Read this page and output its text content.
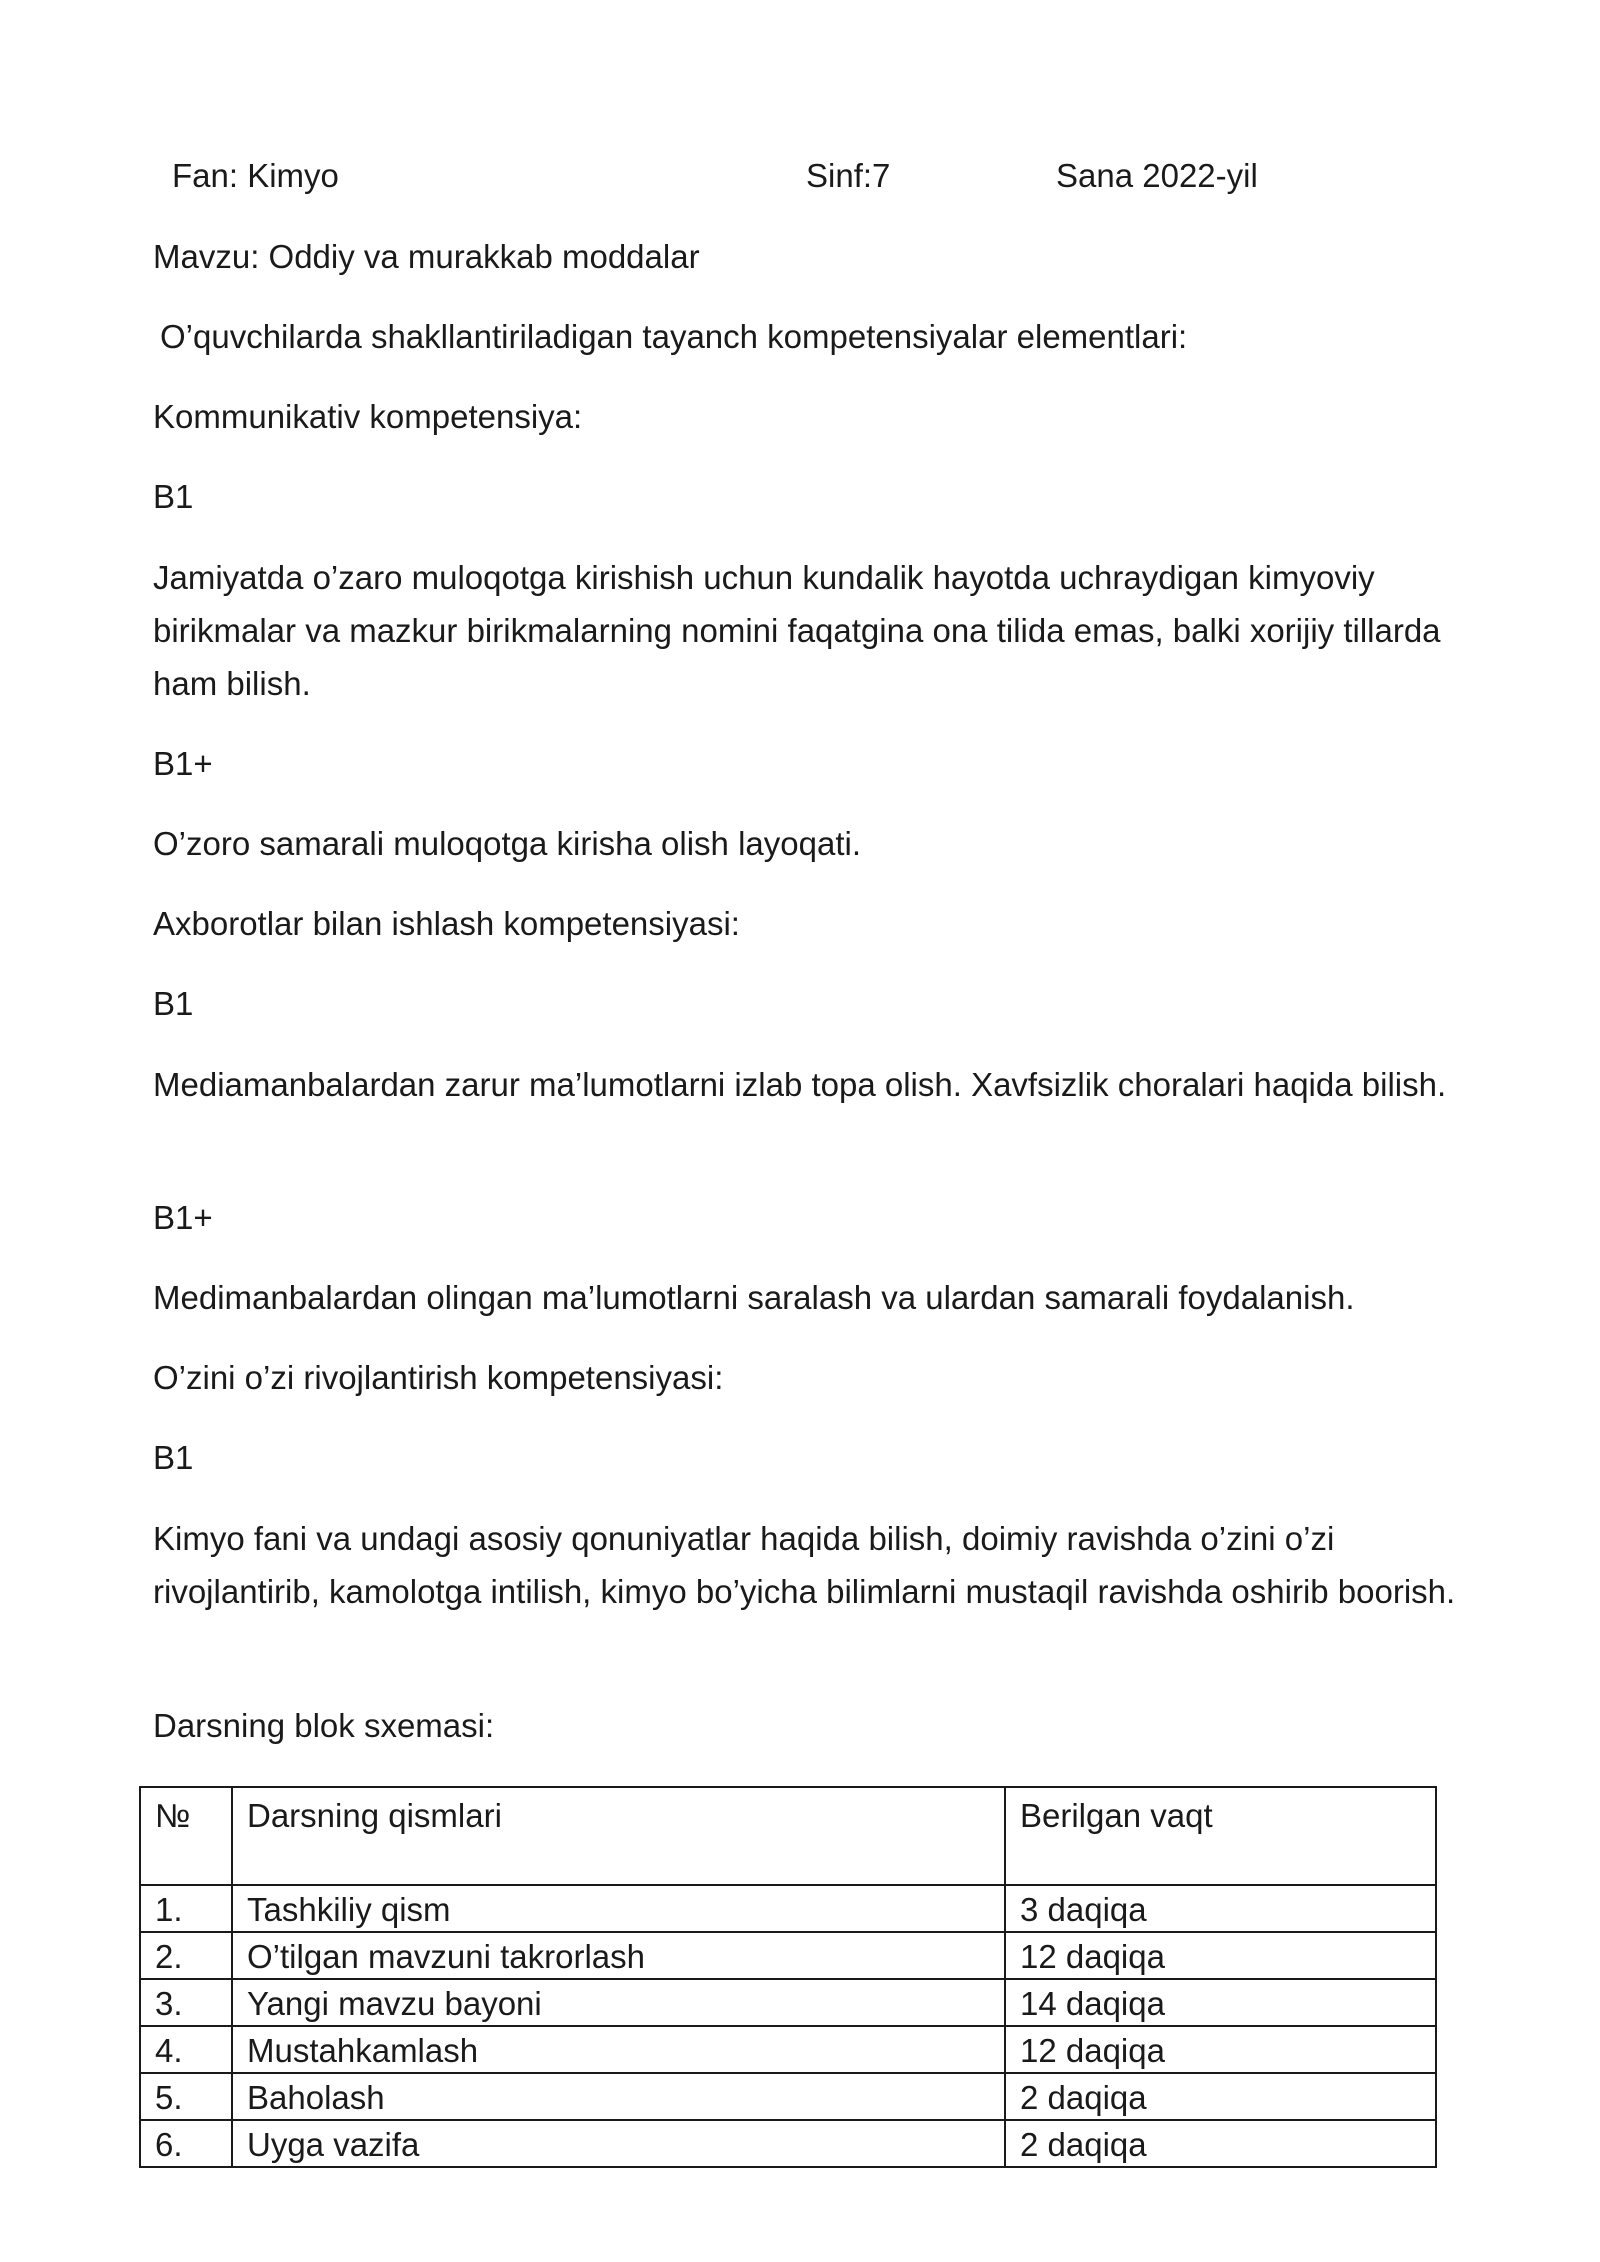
Fan: Kimyo	Sinf:7	Sana 2022-yil

Mavzu: Oddiy va murakkab moddalar

O’quvchilarda shakllantiriladigan tayanch kompetensiyalar elementlari:

Kommunikativ kompetensiya:

B1

Jamiyatda o’zaro muloqotga kirishish uchun kundalik hayotda uchraydigan kimyoviy birikmalar va mazkur birikmalarning nomini faqatgina ona tilida emas, balki xorijiy tillarda ham bilish.

B1+

O’zoro samarali muloqotga kirisha olish layoqati.

Axborotlar bilan ishlash kompetensiyasi:

B1

Mediamanbalardan zarur ma’lumotlarni izlab topa olish. Xavfsizlik choralari haqida bilish.

B1+

Medimanbalardan olingan ma’lumotlarni saralash va ulardan samarali foydalanish.

O’zini o’zi rivojlantirish kompetensiyasi:

B1

Kimyo fani va undagi asosiy qonuniyatlar haqida bilish, doimiy ravishda o’zini o’zi rivojlantirib, kamolotga intilish, kimyo bo’yicha bilimlarni mustaqil ravishda oshirib boorish.

Darsning blok sxemasi:

№	Darsning qismlari	Berilgan vaqt
1.	Tashkiliy qism	3 daqiqa
2.	O’tilgan mavzuni takrorlash	12 daqiqa
3.	Yangi mavzu bayoni	14 daqiqa
4.	Mustahkamlash	12 daqiqa
5.	Baholash	2 daqiqa
6.	Uyga vazifa	2 daqiqa
